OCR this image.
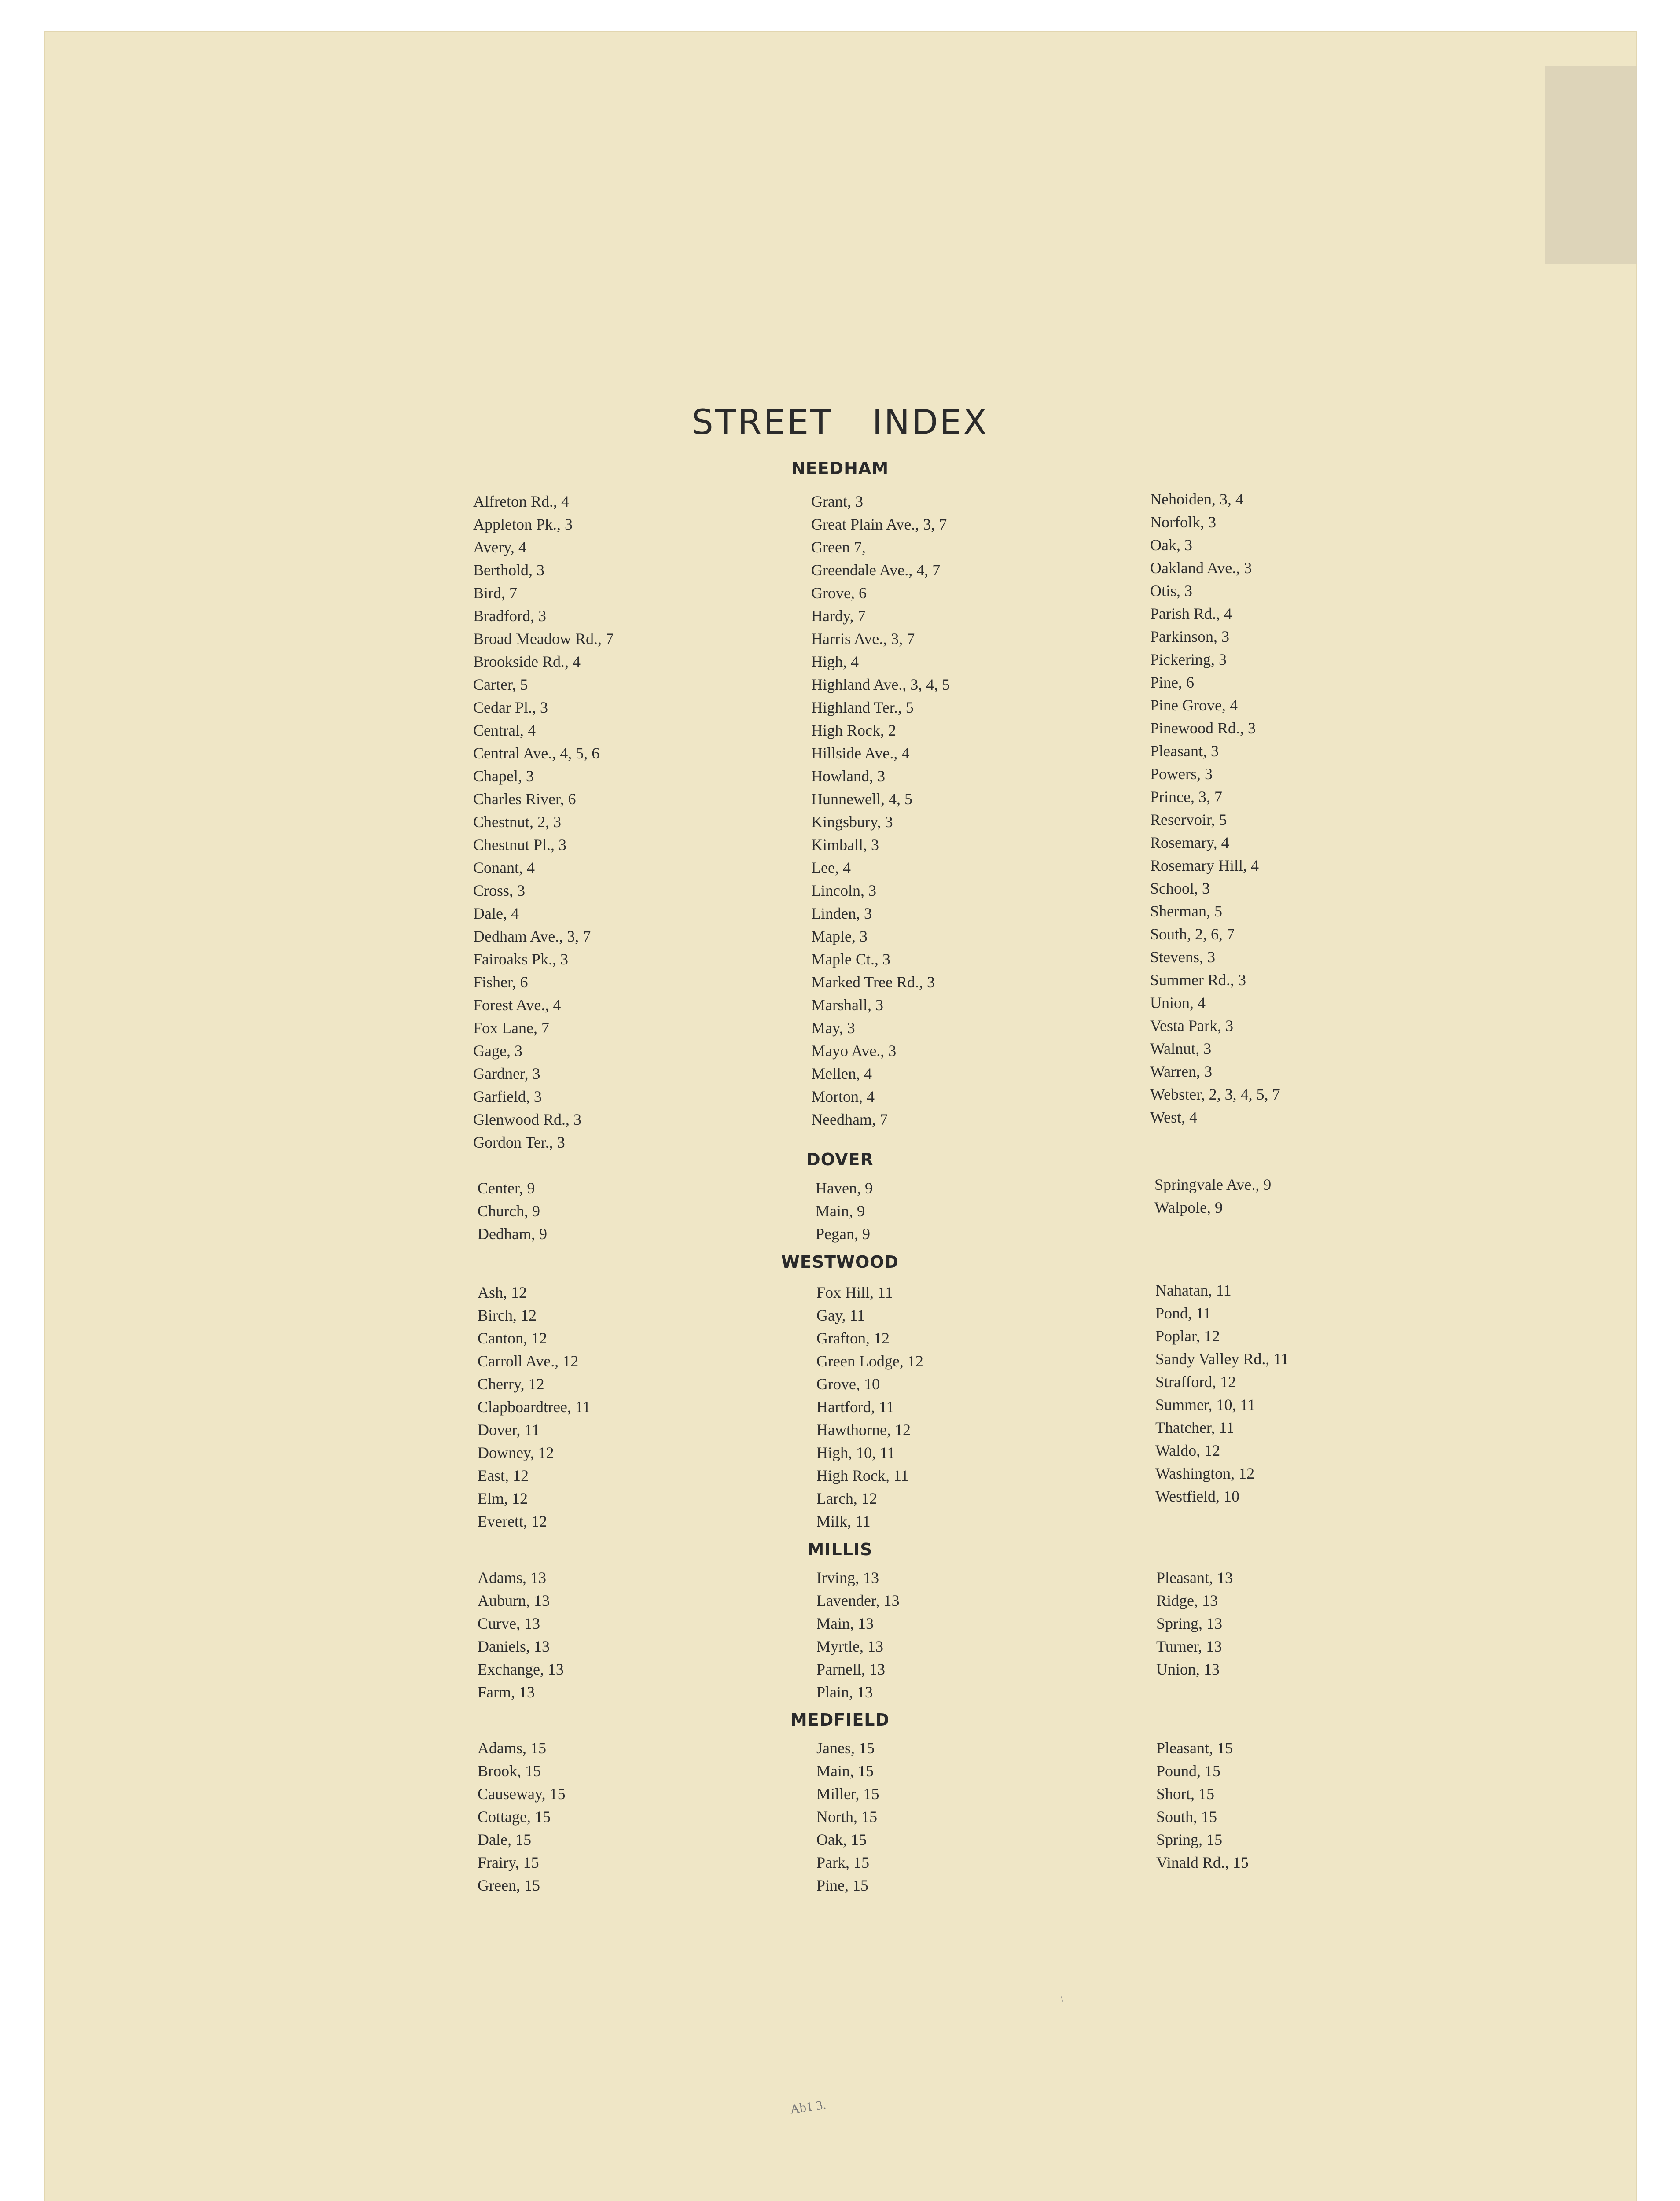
STREET INDEX
NEEDHAM
Alfreton Rd., 4
Appleton Pk., 3
Avery, 4
Berthold, 3
Bird, 7
Bradford, 3
Broad Meadow Rd., 7
Brookside Rd., 4
Carter, 5
Cedar Pl., 3
Central, 4
Central Ave., 4, 5, 6
Chapel, 3
Charles River, 6
Chestnut, 2, 3
Chestnut Pl., 3
Conant, 4
Cross, 3
Dale, 4
Dedham Ave., 3, 7
Fairoaks Pk., 3
Fisher, 6
Forest Ave., 4
Fox Lane, 7
Gage, 3
Gardner, 3
Garfield, 3
Glenwood Rd., 3
Gordon Ter., 3
Grant, 3
Great Plain Ave., 3, 7
Green 7,
Greendale Ave., 4, 7
Grove, 6
Hardy, 7
Harris Ave., 3, 7
High, 4
Highland Ave., 3, 4, 5
Highland Ter., 5
High Rock, 2
Hillside Ave., 4
Howland, 3
Hunnewell, 4, 5
Kingsbury, 3
Kimball, 3
Lee, 4
Lincoln, 3
Linden, 3
Maple, 3
Maple Ct., 3
Marked Tree Rd., 3
Marshall, 3
May, 3
Mayo Ave., 3
Mellen, 4
Morton, 4
Needham, 7
Nehoiden, 3, 4
Norfolk, 3
Oak, 3
Oakland Ave., 3
Otis, 3
Parish Rd., 4
Parkinson, 3
Pickering, 3
Pine, 6
Pine Grove, 4
Pinewood Rd., 3
Pleasant, 3
Powers, 3
Prince, 3, 7
Reservoir, 5
Rosemary, 4
Rosemary Hill, 4
School, 3
Sherman, 5
South, 2, 6, 7
Stevens, 3
Summer Rd., 3
Union, 4
Vesta Park, 3
Walnut, 3
Warren, 3
Webster, 2, 3, 4, 5, 7
West, 4
DOVER
Center, 9
Church, 9
Dedham, 9
Haven, 9
Main, 9
Pegan, 9
Springvale Ave., 9
Walpole, 9
WESTWOOD
Ash, 12
Birch, 12
Canton, 12
Carroll Ave., 12
Cherry, 12
Clapboardtree, 11
Dover, 11
Downey, 12
East, 12
Elm, 12
Everett, 12
Fox Hill, 11
Gay, 11
Grafton, 12
Green Lodge, 12
Grove, 10
Hartford, 11
Hawthorne, 12
High, 10, 11
High Rock, 11
Larch, 12
Milk, 11
Nahatan, 11
Pond, 11
Poplar, 12
Sandy Valley Rd., 11
Strafford, 12
Summer, 10, 11
Thatcher, 11
Waldo, 12
Washington, 12
Westfield, 10
MILLIS
Adams, 13
Auburn, 13
Curve, 13
Daniels, 13
Exchange, 13
Farm, 13
Irving, 13
Lavender, 13
Main, 13
Myrtle, 13
Parnell, 13
Plain, 13
Pleasant, 13
Ridge, 13
Spring, 13
Turner, 13
Union, 13
MEDFIELD
Adams, 15
Brook, 15
Causeway, 15
Cottage, 15
Dale, 15
Frairy, 15
Green, 15
Janes, 15
Main, 15
Miller, 15
North, 15
Oak, 15
Park, 15
Pine, 15
Pleasant, 15
Pound, 15
Short, 15
South, 15
Spring, 15
Vinald Rd., 15
\
Ab1 3.
